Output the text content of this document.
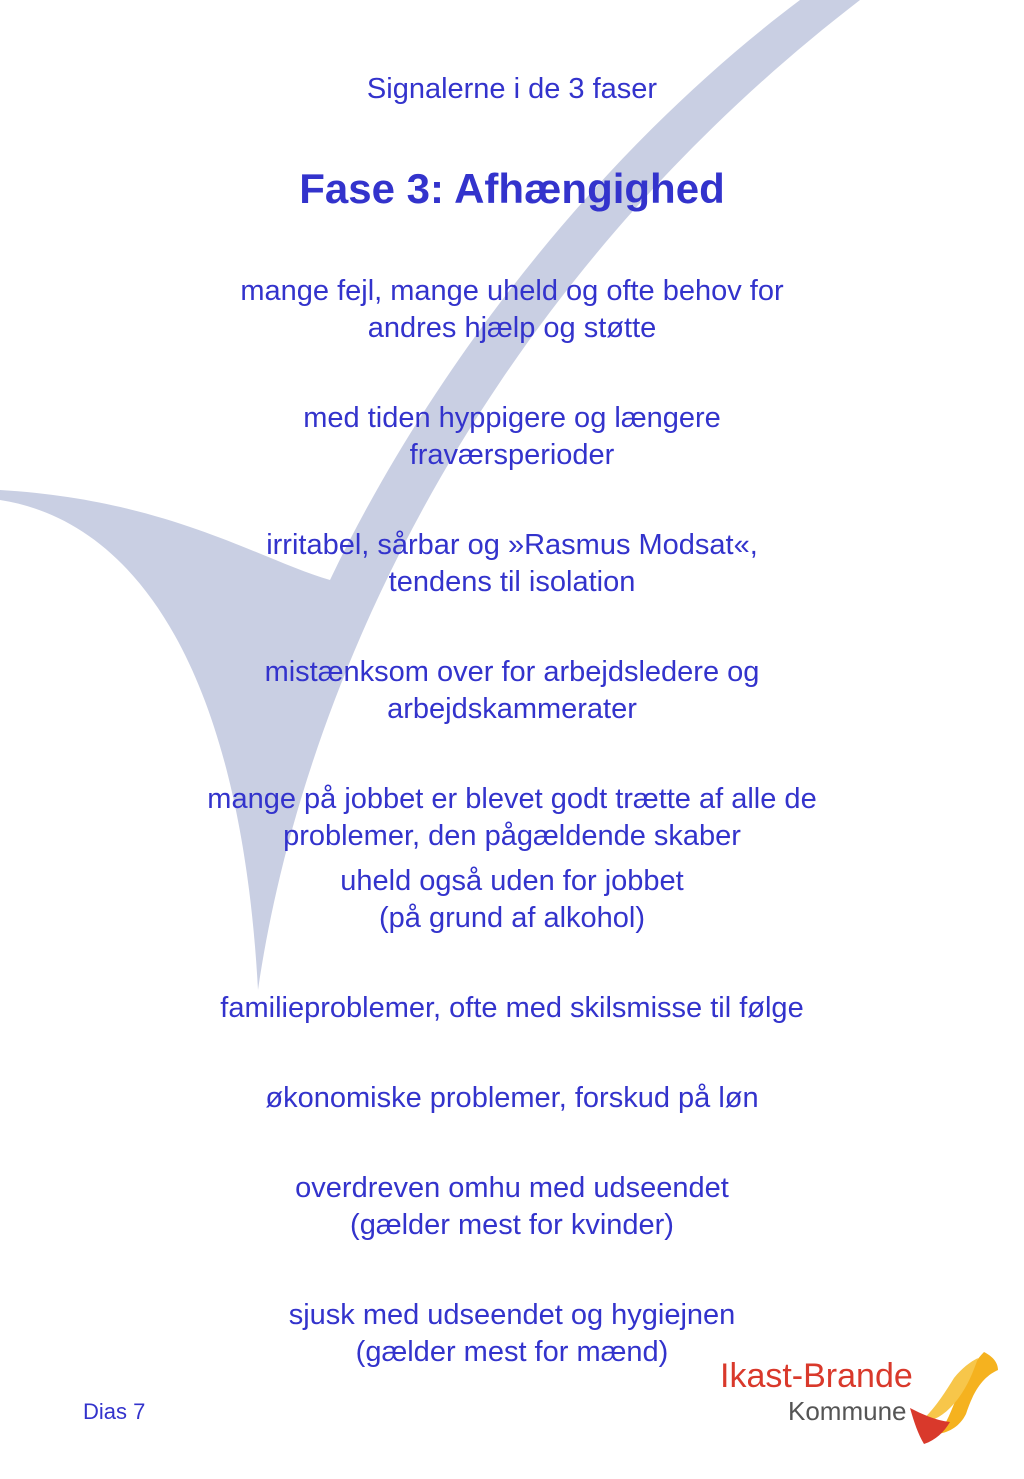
Signalerne i de 3 faser
Fase 3: Afhængighed
mange fejl, mange uheld og ofte behov for
andres hjælp og støtte
med tiden hyppigere og længere
fraværsperioder
irritabel, sårbar og »Rasmus Modsat«,
tendens til isolation
mistænksom over for arbejdsledere og
arbejdskammerater
mange på jobbet er blevet godt trætte af alle de
problemer, den pågældende skaber
uheld også uden for jobbet
(på grund af alkohol)
familieproblemer, ofte med skilsmisse til følge
økonomiske problemer, forskud på løn
overdreven omhu med udseendet
(gælder mest for kvinder)
sjusk med udseendet og hygiejnen
(gælder mest for mænd)
Dias 7
Ikast-Brande
Kommune
